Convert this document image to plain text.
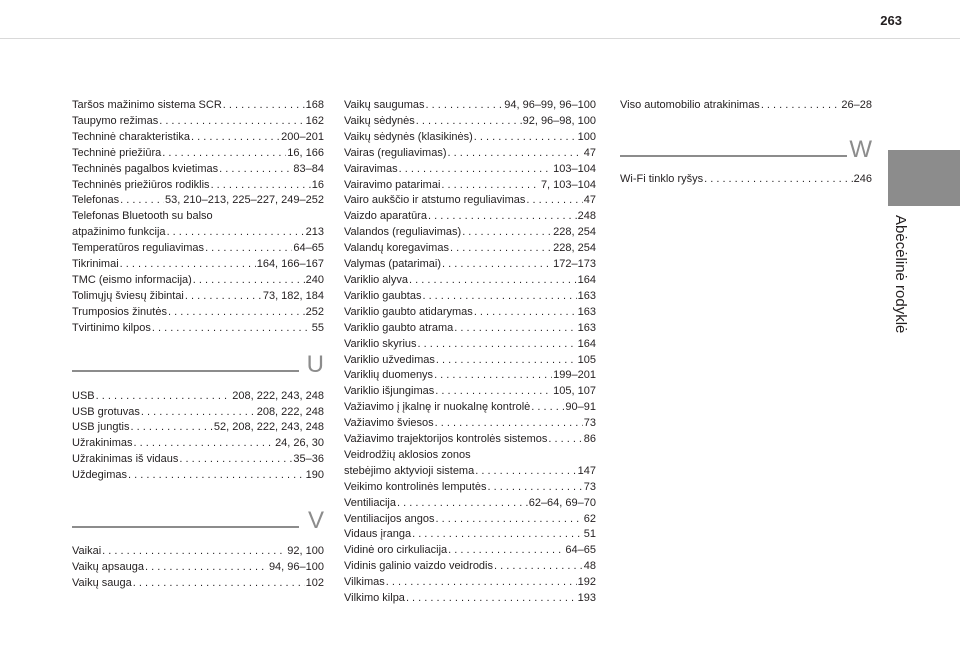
263
Abėcėlinė rodyklė
Taršos mažinimo sistema SCR . . .	168
Taupymo režimas . . .	162
Techninė charakteristika . . .	200–201
Techninė priežiūra . . .	16, 166
Techninės pagalbos kvietimas . . .	83–84
Techninės priežiūros rodiklis . . .	16
Telefonas . . .	53, 210–213, 225–227, 249–252
Telefonas Bluetooth su balso
atpažinimo funkcija . . .	213
Temperatūros reguliavimas . . .	64–65
Tikrinimai . . .	164, 166–167
TMC (eismo informacija) . . .	240
Tolimųjų šviesų žibintai . . .	73, 182, 184
Trumposios žinutės . . .	252
Tvirtinimo kilpos . . .	55
U
USB . . .	208, 222, 243, 248
USB grotuvas . . .	208, 222, 248
USB jungtis . . .	52, 208, 222, 243, 248
Užrakinimas . . .	24, 26, 30
Užrakinimas iš vidaus . . .	35–36
Uždegimas . . .	190
V
Vaikai . . .	92, 100
Vaikų apsauga . . .	94, 96–100
Vaikų sauga . . .	102
Vaikų saugumas . . .	94, 96–99, 96–100
Vaikų sėdynės . . .	92, 96–98, 100
Vaikų sėdynės (klasikinės) . . .	100
Vairas (reguliavimas) . . .	47
Vairavimas . . .	103–104
Vairavimo patarimai . . .	7, 103–104
Vairo aukščio ir atstumo reguliavimas . . .	47
Vaizdo aparatūra . . .	248
Valandos (reguliavimas) . . .	228, 254
Valandų koregavimas . . .	228, 254
Valymas (patarimai) . . .	172–173
Variklio alyva . . .	164
Variklio gaubtas . . .	163
Variklio gaubto atidarymas . . .	163
Variklio gaubto atrama . . .	163
Variklio skyrius . . .	164
Variklio užvedimas . . .	105
Variklių duomenys . . .	199–201
Variklio išjungimas . . .	105, 107
Važiavimo į įkalnę ir nuokalnę kontrolė . . .	90–91
Važiavimo šviesos . . .	73
Važiavimo trajektorijos kontrolės sistemos . . .	86
Veidrodžių aklosios zonos
stebėjimo aktyvioji sistema . . .	147
Veikimo kontrolinės lemputės . . .	73
Ventiliacija . . .	62–64, 69–70
Ventiliacijos angos . . .	62
Vidaus įranga . . .	51
Vidinė oro cirkuliacija . . .	64–65
Vidinis galinio vaizdo veidrodis . . .	48
Vilkimas . . .	192
Vilkimo kilpa . . .	193
Viso automobilio atrakinimas . . .	26–28
W
Wi-Fi tinklo ryšys . . .	246
